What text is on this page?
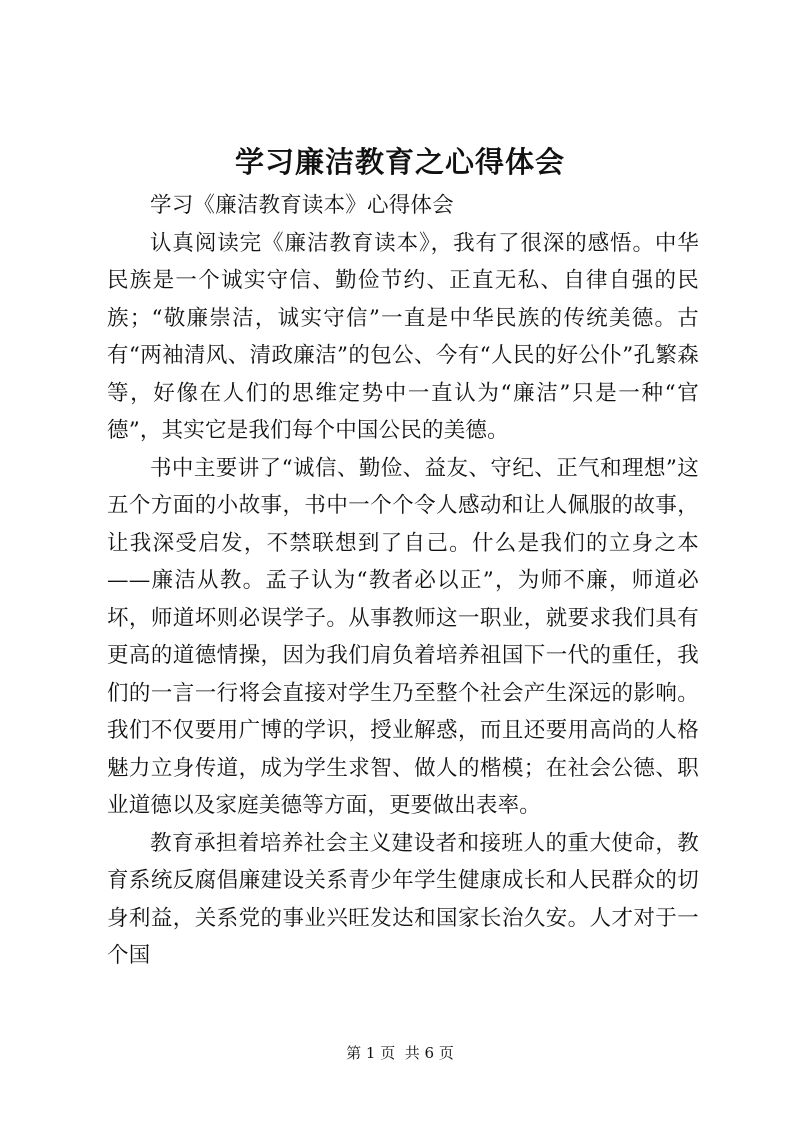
学习廉洁教育之心得体会

学习《廉洁教育读本》心得体会

认真阅读完《廉洁教育读本》，我有了很深的感悟。中华民族是一个诚实守信、勤俭节约、正直无私、自律自强的民族；“敬廉崇洁，诚实守信”一直是中华民族的传统美德。古有“两袖清风、清政廉洁”的包公、今有“人民的好公仆”孔繁森等，好像在人们的思维定势中一直认为“廉洁”只是一种“官德”，其实它是我们每个中国公民的美德。

书中主要讲了“诚信、勤俭、益友、守纪、正气和理想”这五个方面的小故事，书中一个个令人感动和让人佩服的故事，让我深受启发，不禁联想到了自己。什么是我们的立身之本——廉洁从教。孟子认为“教者必以正”，为师不廉，师道必坏，师道坏则必误学子。从事教师这一职业，就要求我们具有更高的道德情操，因为我们肩负着培养祖国下一代的重任，我们的一言一行将会直接对学生乃至整个社会产生深远的影响。我们不仅要用广博的学识，授业解惑，而且还要用高尚的人格魅力立身传道，成为学生求智、做人的楷模；在社会公德、职业道德以及家庭美德等方面，更要做出表率。

教育承担着培养社会主义建设者和接班人的重大使命，教育系统反腐倡廉建设关系青少年学生健康成长和人民群众的切身利益，关系党的事业兴旺发达和国家长治久安。人才对于一个国

第 1 页  共 6 页
